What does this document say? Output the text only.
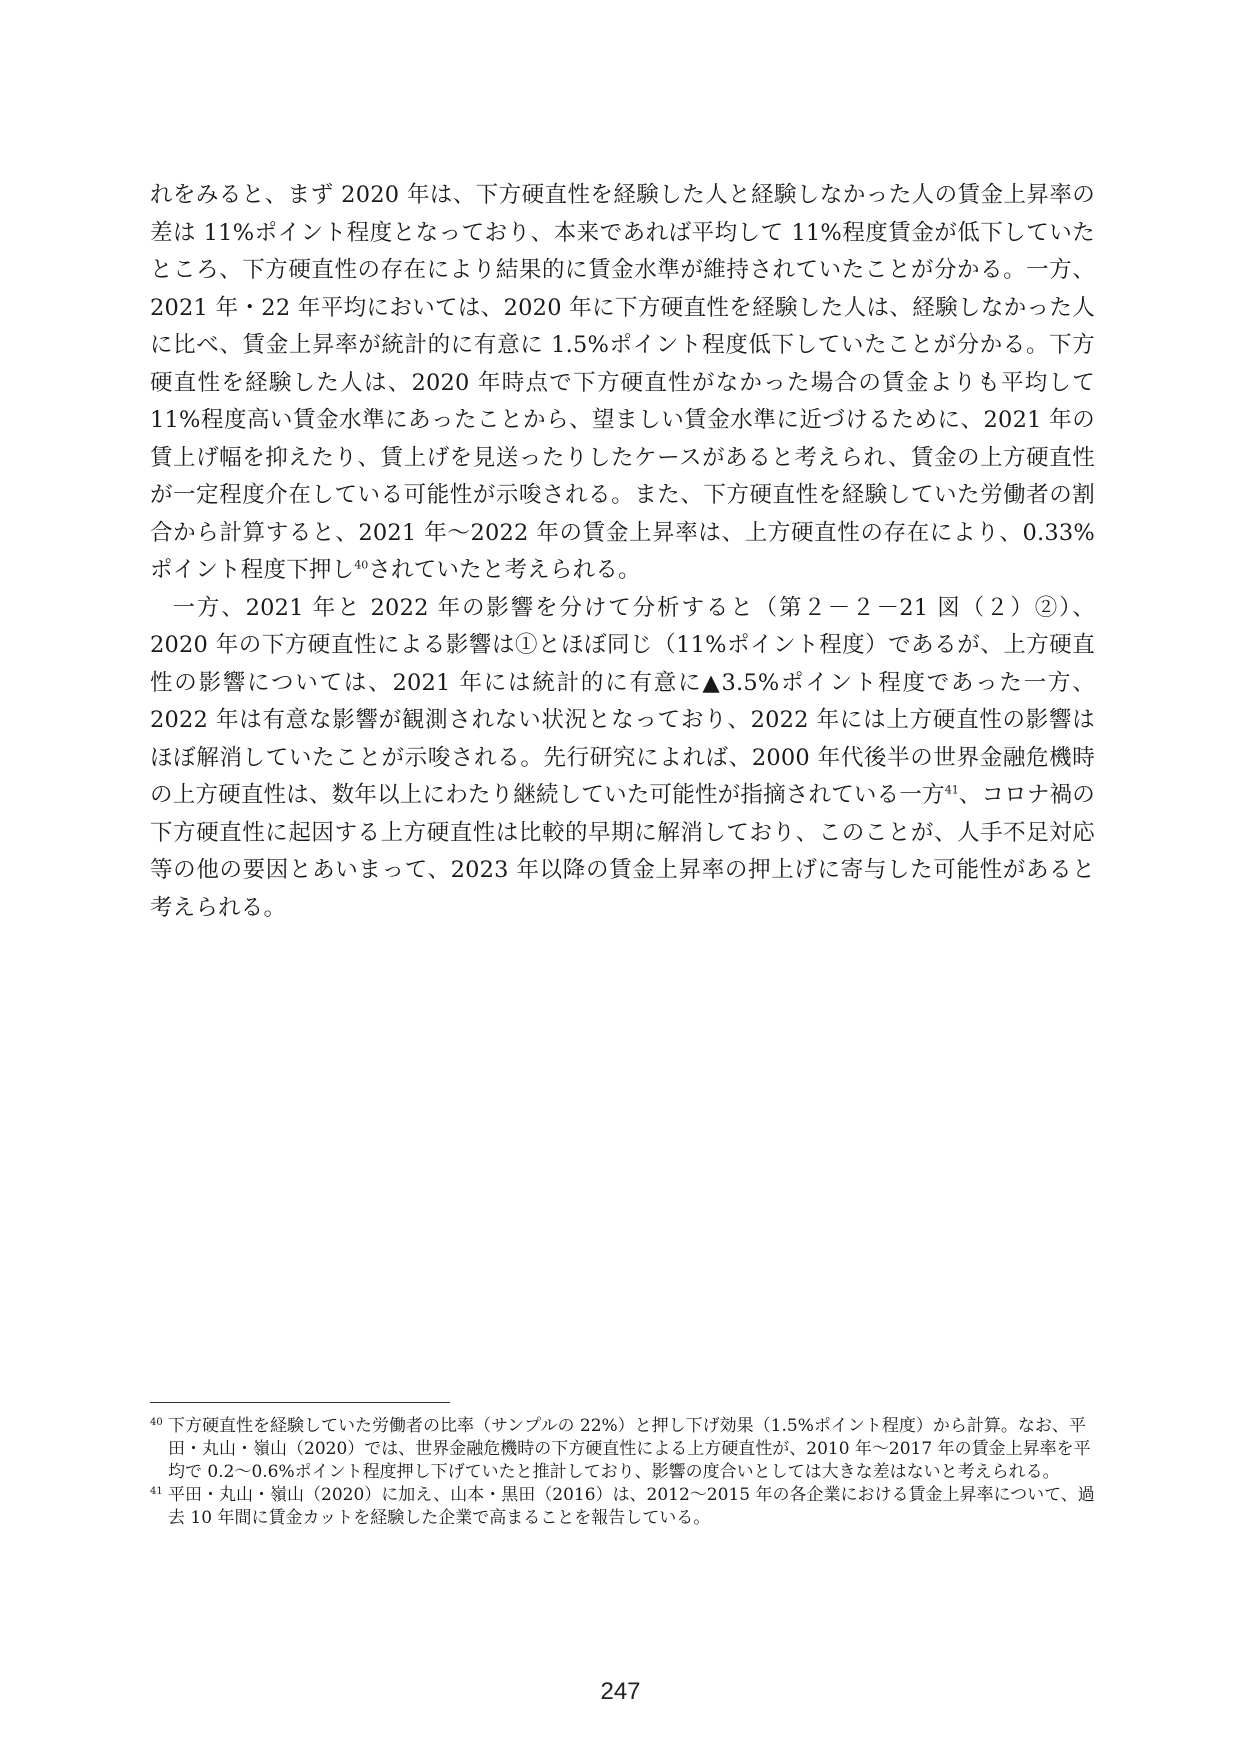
れをみると、まず 2020 年は、下方硬直性を経験した人と経験しなかった人の賃金上昇率の差は 11%ポイント程度となっており、本来であれば平均して 11%程度賃金が低下していたところ、下方硬直性の存在により結果的に賃金水準が維持されていたことが分かる。一方、2021 年・22 年平均においては、2020 年に下方硬直性を経験した人は、経験しなかった人に比べ、賃金上昇率が統計的に有意に 1.5%ポイント程度低下していたことが分かる。下方硬直性を経験した人は、2020 年時点で下方硬直性がなかった場合の賃金よりも平均して 11%程度高い賃金水準にあったことから、望ましい賃金水準に近づけるために、2021 年の賃上げ幅を抑えたり、賃上げを見送ったりしたケースがあると考えられ、賃金の上方硬直性が一定程度介在している可能性が示唆される。また、下方硬直性を経験していた労働者の割合から計算すると、2021 年～2022 年の賃金上昇率は、上方硬直性の存在により、0.33%ポイント程度下押し$^{40}$されていたと考えられる。

一方、2021 年と 2022 年の影響を分けて分析すると（第２－２－21 図（２）②）、2020 年の下方硬直性による影響は①とほぼ同じ（11%ポイント程度）であるが、上方硬直性の影響については、2021 年には統計的に有意に▲3.5%ポイント程度であった一方、2022 年は有意な影響が観測されない状況となっており、2022 年には上方硬直性の影響はほぼ解消していたことが示唆される。先行研究によれば、2000 年代後半の世界金融危機時の上方硬直性は、数年以上にわたり継続していた可能性が指摘されている一方$^{41}$、コロナ禍の下方硬直性に起因する上方硬直性は比較的早期に解消しており、このことが、人手不足対応等の他の要因とあいまって、2023 年以降の賃金上昇率の押上げに寄与した可能性があると考えられる。

40 下方硬直性を経験していた労働者の比率（サンプルの 22%）と押し下げ効果（1.5%ポイント程度）から計算。なお、平田・丸山・嶺山（2020）では、世界金融危機時の下方硬直性による上方硬直性が、2010 年～2017 年の賃金上昇率を平均で 0.2～0.6%ポイント程度押し下げていたと推計しており、影響の度合いとしては大きな差はないと考えられる。

41 平田・丸山・嶺山（2020）に加え、山本・黒田（2016）は、2012～2015 年の各企業における賃金上昇率について、過去 10 年間に賃金カットを経験した企業で高まることを報告している。

247
